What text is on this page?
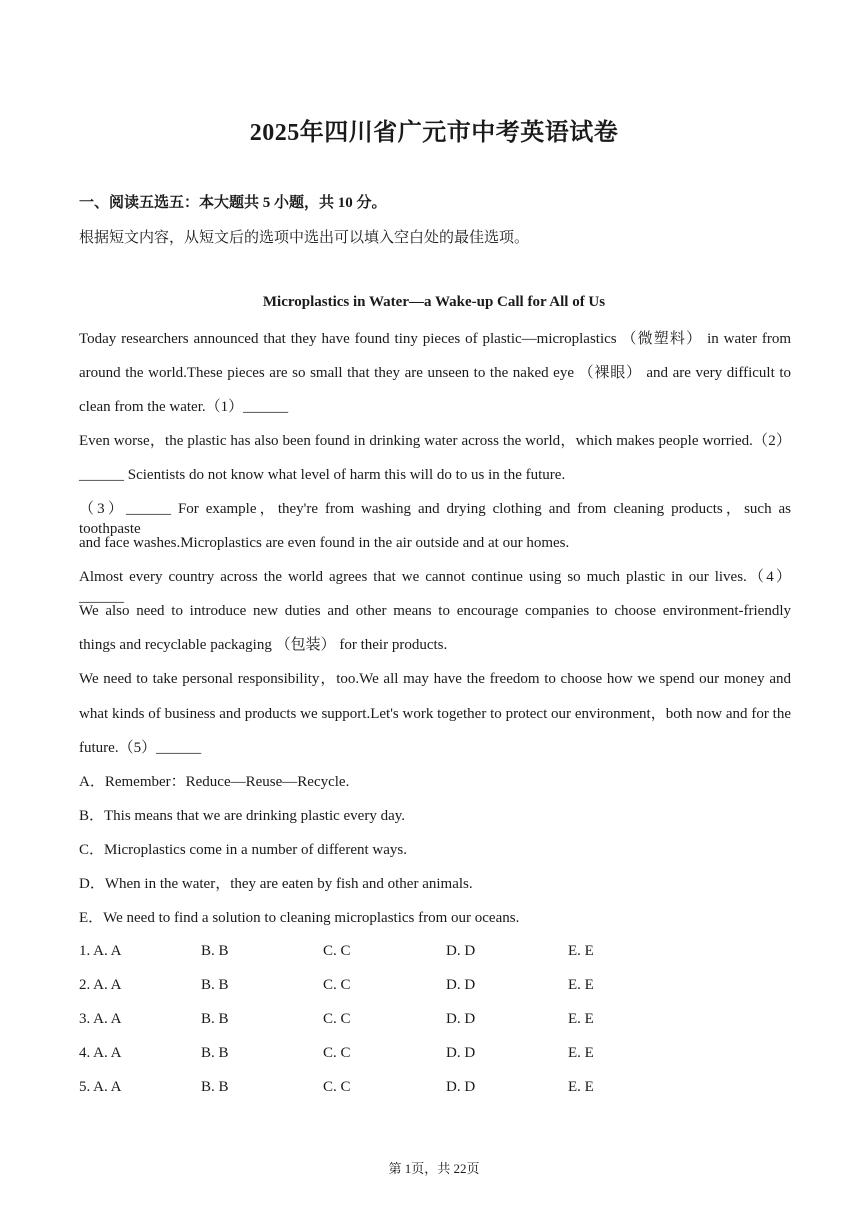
2025年四川省广元市中考英语试卷
一、阅读五选五：本大题共 5 小题，共 10 分。
根据短文内容，从短文后的选项中选出可以填入空白处的最佳选项。
Microplastics in Water—a Wake-up Call for All of Us
Today researchers announced that they have found tiny pieces of plastic—microplastics （微塑料） in water from
around the world.These pieces are so small that they are unseen to the naked eye （裸眼） and are very difficult to
clean from the water.（1）______
Even worse，the plastic has also been found in drinking water across the world，which makes people worried.（2）
______ Scientists do not know what level of harm this will do to us in the future.
（3）______ For example，they're from washing and drying clothing and from cleaning products，such as toothpaste
and face washes.Microplastics are even found in the air outside and at our homes.
Almost every country across the world agrees that we cannot continue using so much plastic in our lives.（4）______
We also need to introduce new duties and other means to encourage companies to choose environment-friendly
things and recyclable packaging （包装） for their products.
We need to take personal responsibility，too.We all may have the freedom to choose how we spend our money and
what kinds of business and products we support.Let's work together to protect our environment，both now and for the
future.（5）______
A．Remember：Reduce—Reuse—Recycle.
B．This means that we are drinking plastic every day.
C．Microplastics come in a number of different ways.
D．When in the water，they are eaten by fish and other animals.
E．We need to find a solution to cleaning microplastics from our oceans.
1. A. A	B. B	C. C	D. D	E. E
2. A. A	B. B	C. C	D. D	E. E
3. A. A	B. B	C. C	D. D	E. E
4. A. A	B. B	C. C	D. D	E. E
5. A. A	B. B	C. C	D. D	E. E
第 1页，共 22页
